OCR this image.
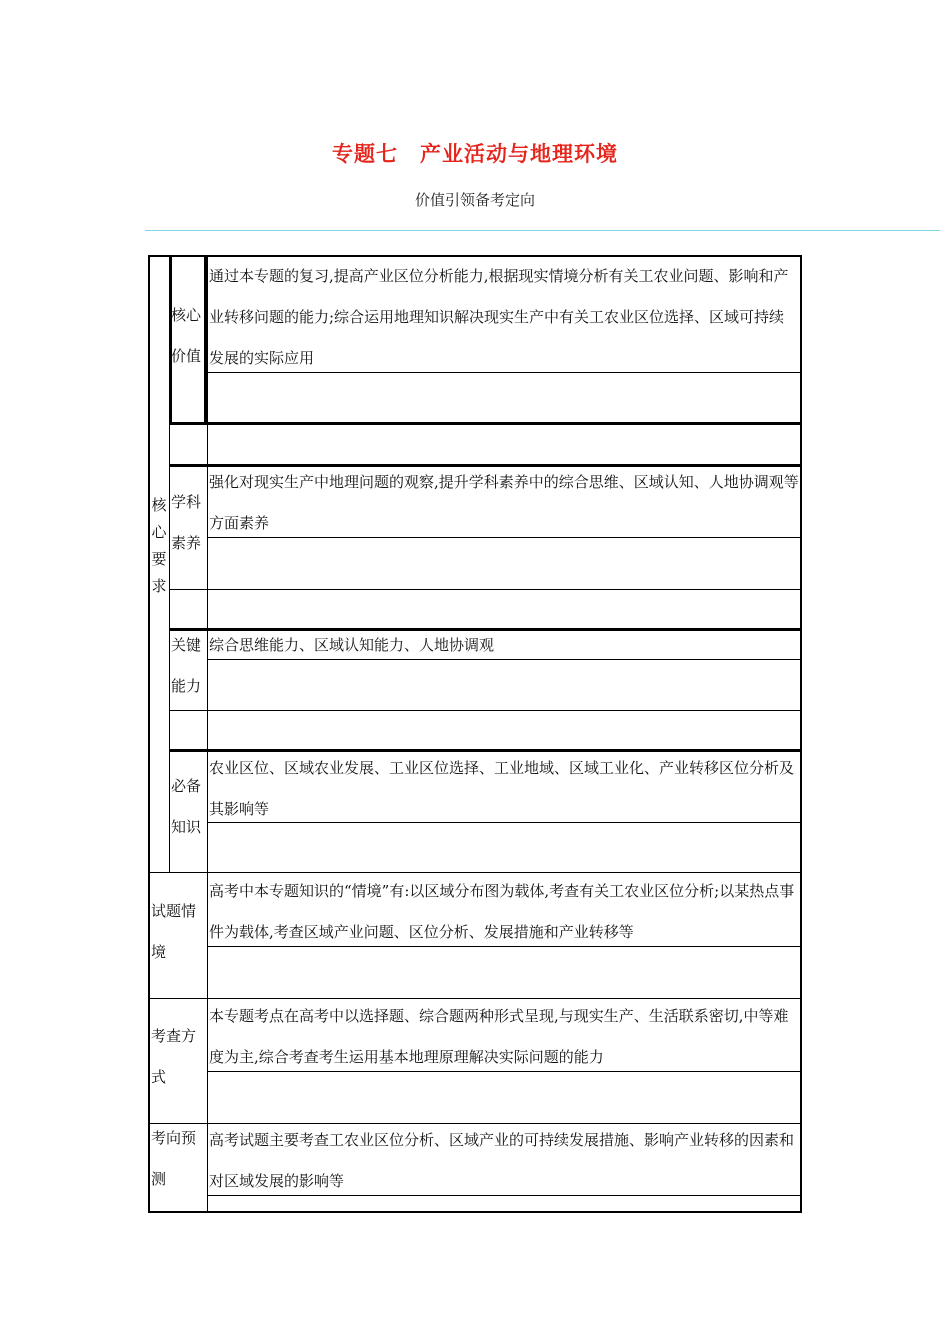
专题七　产业活动与地理环境
价值引领备考定向
核心要求
核心价值
学科素养
关键能力
必备知识
试题情境
考查方式
考向预测
通过本专题的复习,提高产业区位分析能力,根据现实情境分析有关工农业问题、影响和产业转移问题的能力;综合运用地理知识解决现实生产中有关工农业区位选择、区域可持续发展的实际应用
强化对现实生产中地理问题的观察,提升学科素养中的综合思维、区域认知、人地协调观等方面素养
综合思维能力、区域认知能力、人地协调观
农业区位、区域农业发展、工业区位选择、工业地域、区域工业化、产业转移区位分析及其影响等
高考中本专题知识的“情境”有:以区域分布图为载体,考查有关工农业区位分析;以某热点事件为载体,考查区域产业问题、区位分析、发展措施和产业转移等
本专题考点在高考中以选择题、综合题两种形式呈现,与现实生产、生活联系密切,中等难度为主,综合考查考生运用基本地理原理解决实际问题的能力
高考试题主要考查工农业区位分析、区域产业的可持续发展措施、影响产业转移的因素和对区域发展的影响等
